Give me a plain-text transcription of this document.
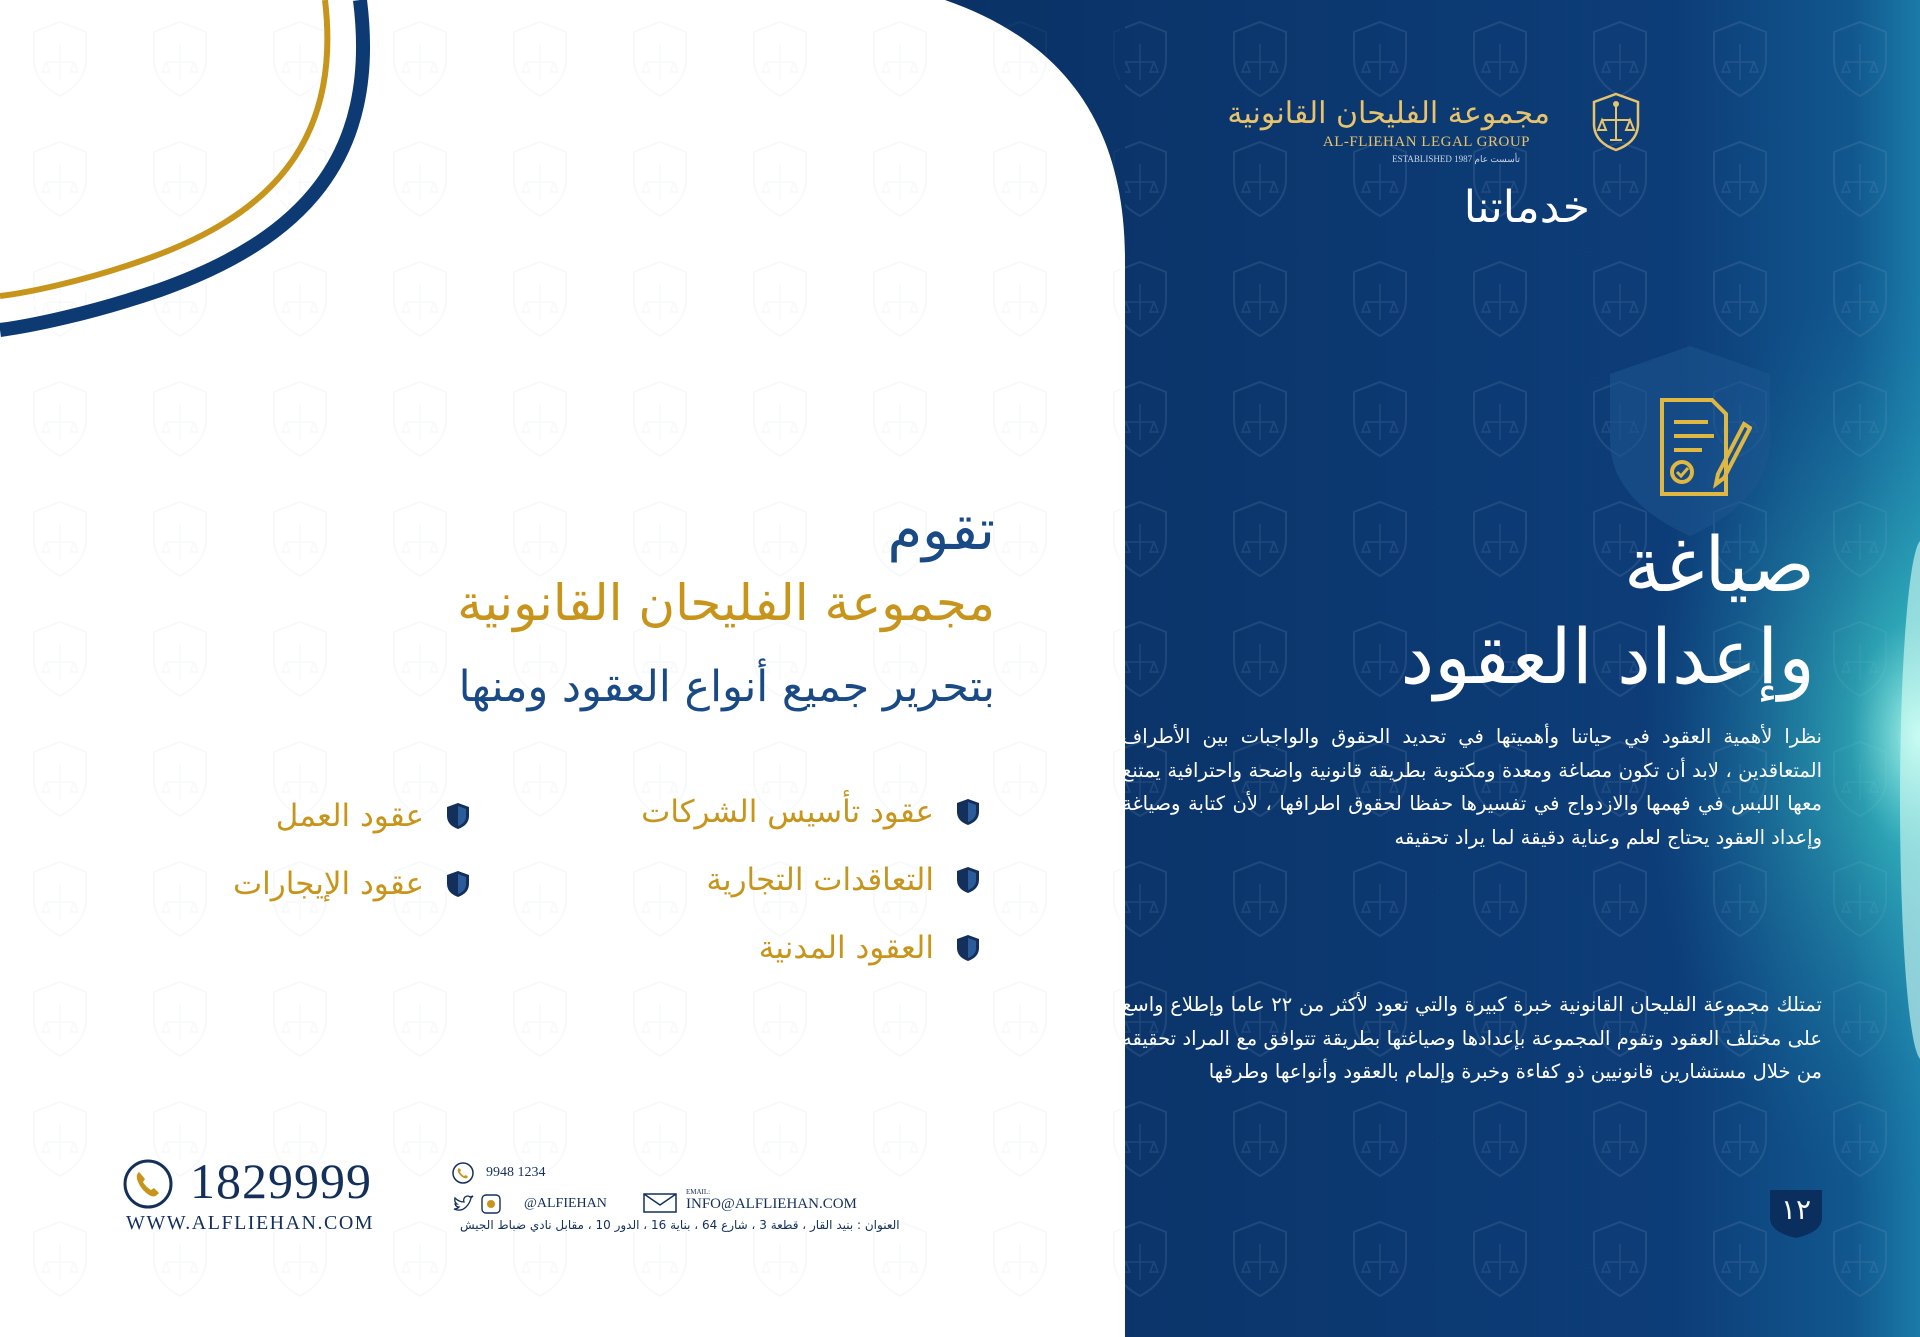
مجموعة الفليحان القانونية
AL-FLIEHAN LEGAL GROUP
ESTABLISHED 1987 تأسست عام
خدماتنا
صياغة
وإعداد العقود
نظرا لأهمية العقود في حياتنا وأهميتها في تحديد الحقوق والواجبات بين الأطراف المتعاقدين ، لابد أن تكون مصاغة ومعدة ومكتوبة بطريقة قانونية واضحة واحترافية يمتنع معها اللبس في فهمها والازدواج في تفسيرها حفظا لحقوق اطرافها ، لأن كتابة وصياغة وإعداد العقود يحتاج لعلم وعناية دقيقة لما يراد تحقيقه
تمتلك مجموعة الفليحان القانونية خبرة كبيرة والتي تعود لأكثر من ٢٢ عاما وإطلاع واسع على مختلف العقود وتقوم المجموعة بإعدادها وصياغتها بطريقة تتوافق مع المراد تحقيقه من خلال مستشارين قانونيين ذو كفاءة وخبرة وإلمام بالعقود وأنواعها وطرقها
١٢
تقوم
مجموعة الفليحان القانونية
بتحرير جميع أنواع العقود ومنها
عقود تأسيس الشركات
التعاقدات التجارية
العقود المدنية
عقود العمل
عقود الإيجارات
1829999
WWW.ALFLIEHAN.COM
9948 1234
@ALFIEHAN
EMAIL:
INFO@ALFLIEHAN.COM
العنوان : بنيد القار ، قطعة 3 ، شارع 64 ، بناية 16 ، الدور 10 ، مقابل نادي ضباط الجيش
